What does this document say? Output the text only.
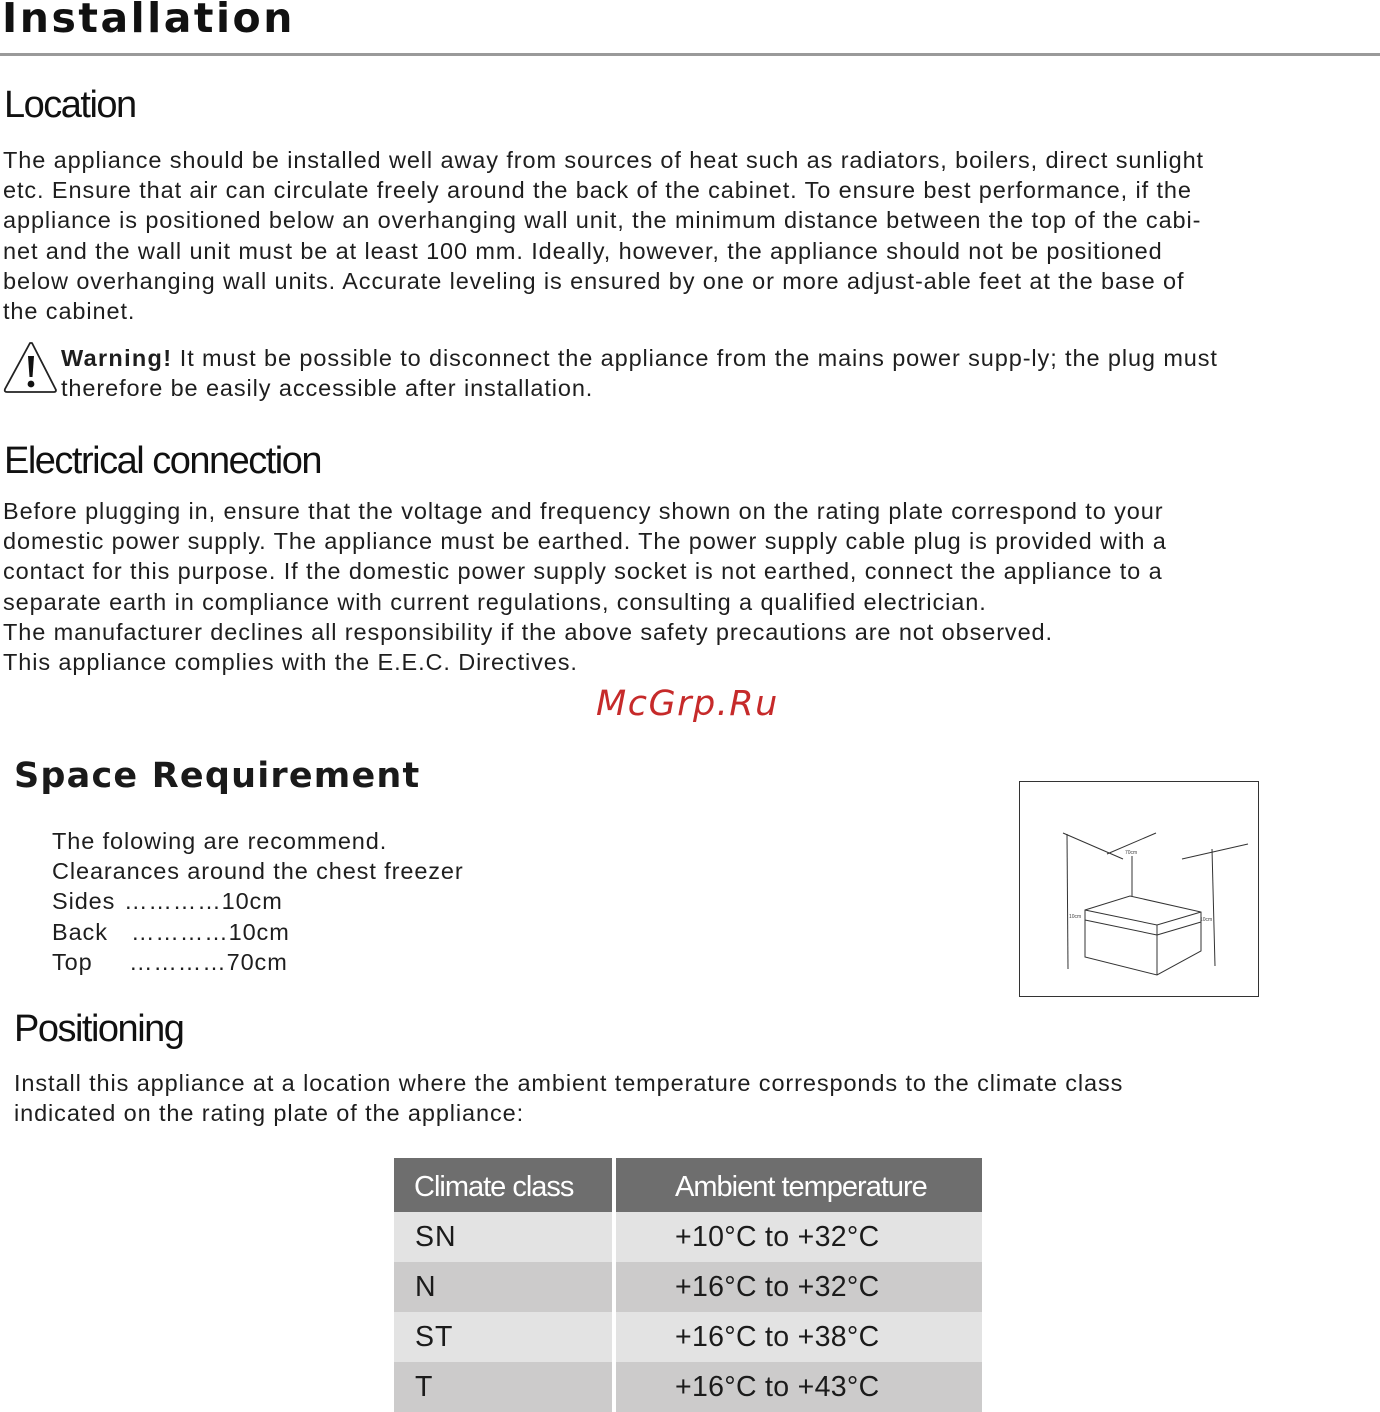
Installation
Location

The appliance should be installed well away from sources of heat such as radiators, boilers, direct sunlight
etc. Ensure that air can circulate freely around the back of the cabinet. To ensure best performance, if the
appliance is positioned below an overhanging wall unit, the minimum distance between the top of the cabi-
net and the wall unit must be at least 100 mm. Ideally, however, the appliance should not be positioned
below overhanging wall units. Accurate leveling is ensured by one or more adjust-able feet at the base of
the cabinet.

Warning! It must be possible to disconnect the appliance from the mains power supp-ly; the plug must
therefore be easily accessible after installation.

Electrical connection

Before plugging in, ensure that the voltage and frequency shown on the rating plate correspond to your
domestic power supply. The appliance must be earthed. The power supply cable plug is provided with a
contact for this purpose. If the domestic power supply socket is not earthed, connect the appliance to a
separate earth in compliance with current regulations, consulting a qualified electrician.
The manufacturer declines all responsibility if the above safety precautions are not observed.
This appliance complies with the E.E.C. Directives.

McGrp.Ru

Space Requirement
The folowing are recommend.
Clearances around the chest freezer
Sides …………10cm
Back …………10cm
Top …………70cm
70cm
10cm	10cm
Positioning

Install this appliance at a location where the ambient temperature corresponds to the climate class
indicated on the rating plate of the appliance:

Climate class	Ambient temperature
SN	+10°C to +32°C
N	+16°C to +32°C
ST	+16°C to +38°C
T	+16°C to +43°C
